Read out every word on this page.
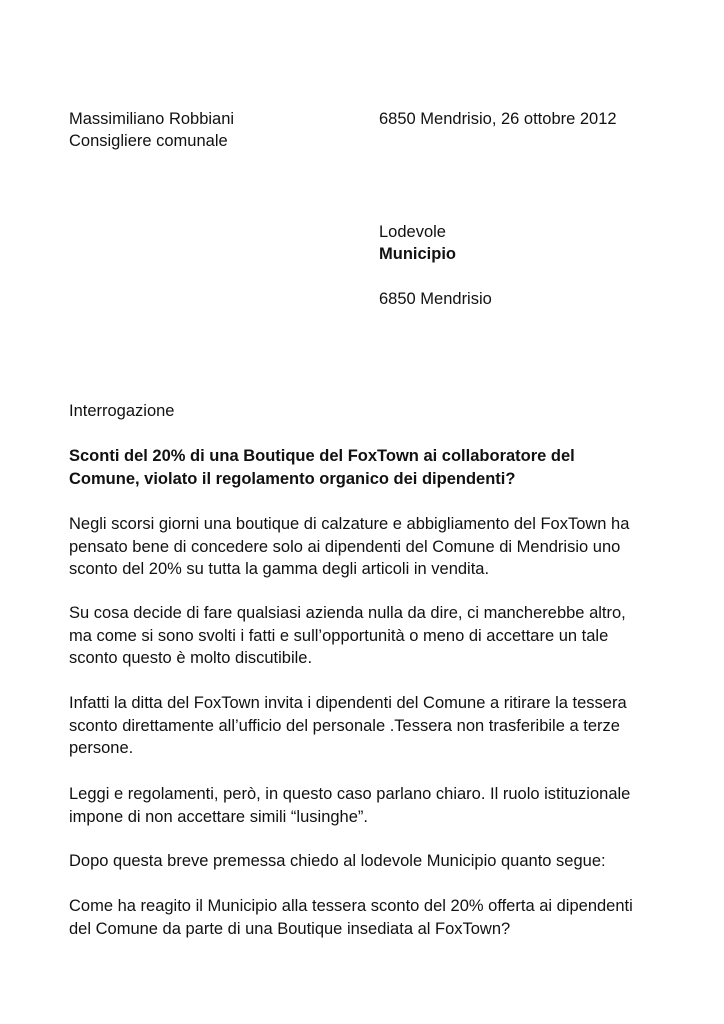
Massimiliano Robbiani
Consigliere comunale
6850 Mendrisio, 26 ottobre 2012
Lodevole
Municipio
6850 Mendrisio
Interrogazione
Sconti del 20% di una Boutique del FoxTown ai collaboratore del
Comune, violato il regolamento organico dei dipendenti?
Negli scorsi giorni una boutique di calzature e abbigliamento del FoxTown ha
pensato bene di concedere solo ai dipendenti del Comune di Mendrisio uno
sconto del 20% su tutta la gamma degli articoli in vendita.
Su cosa decide di fare qualsiasi azienda nulla da dire, ci mancherebbe altro,
ma come si sono svolti i fatti e sull’opportunità o meno di accettare un tale
sconto questo è molto discutibile.
Infatti la ditta del FoxTown invita i dipendenti del Comune a ritirare la tessera
sconto direttamente all’ufficio del personale .Tessera non trasferibile a terze
persone.
Leggi e regolamenti, però, in questo caso parlano chiaro. Il ruolo istituzionale
impone di non accettare simili “lusinghe”.
Dopo questa breve premessa chiedo al lodevole Municipio quanto segue:
Come ha reagito il Municipio alla tessera sconto del 20% offerta ai dipendenti
del Comune da parte di una Boutique insediata al FoxTown?
